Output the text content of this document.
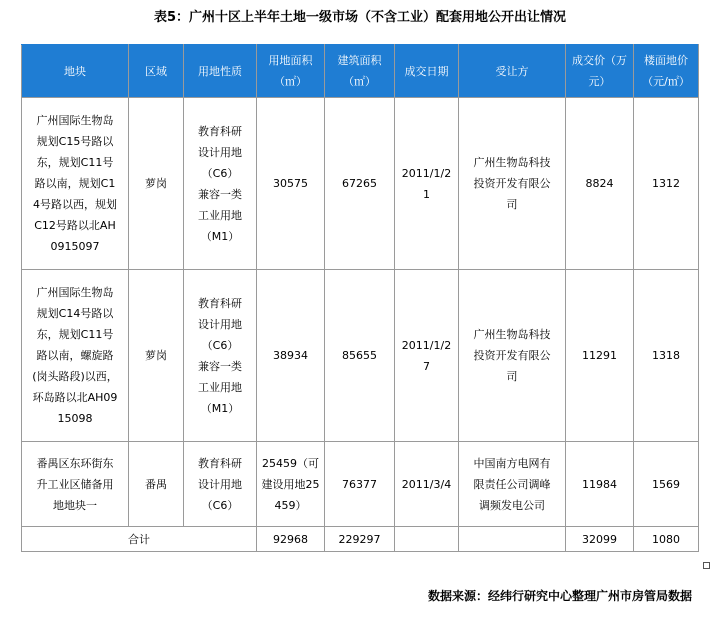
表5：广州十区上半年土地一级市场（不含工业）配套用地公开出让情况
地块	区域	用地性质	用地面积（㎡）	建筑面积（㎡）	成交日期	受让方	成交价（万元）	楼面地价（元/㎡）
广州国际生物岛规划C15号路以东，规划C11号路以南，规划C14号路以西，规划C12号路以北AH0915097	萝岗	教育科研设计用地（C6）兼容一类工业用地（M1）	30575	67265	2011/1/21	广州生物岛科技投资开发有限公司	8824	1312
广州国际生物岛规划C14号路以东，规划C11号路以南，螺旋路(岗头路段)以西，环岛路以北AH0915098	萝岗	教育科研设计用地（C6）兼容一类工业用地（M1）	38934	85655	2011/1/27	广州生物岛科技投资开发有限公司	11291	1318
番禺区东环街东升工业区储备用地地块一	番禺	教育科研设计用地（C6）	25459（可建设用地25459）	76377	2011/3/4	中国南方电网有限责任公司调峰调频发电公司	11984	1569
合计			92968	229297			32099	1080
数据来源：经纬行研究中心整理广州市房管局数据
